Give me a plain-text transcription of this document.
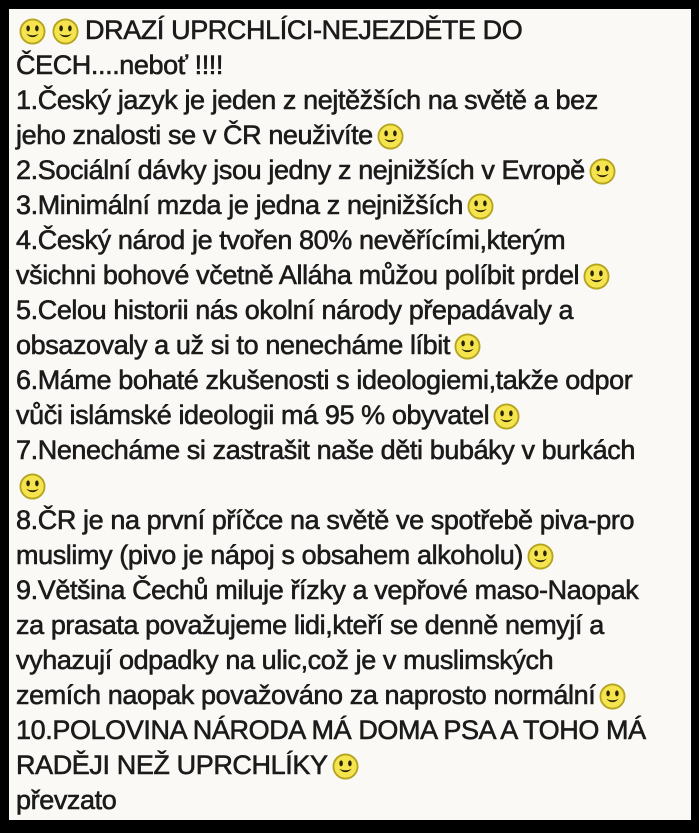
DRAZÍ UPRCHLÍCI-NEJEZDĚTE DO
ČECH....neboť !!!!
1.Český jazyk je jeden z nejtěžších na světě a bez
jeho znalosti se v ČR neuživíte
2.Sociální dávky jsou jedny z nejnižších v Evropě
3.Minimální mzda je jedna z nejnižších
4.Český národ je tvořen 80% nevěřícími,kterým
všichni bohové včetně Alláha můžou políbit prdel
5.Celou historii nás okolní národy přepadávaly a
obsazovaly a už si to nenecháme líbit
6.Máme bohaté zkušenosti s ideologiemi,takže odpor
vůči islámské ideologii má 95 % obyvatel
7.Nenecháme si zastrašit naše děti bubáky v burkách
8.ČR je na první příčce na světě ve spotřebě piva-pro
muslimy (pivo je nápoj s obsahem alkoholu)
9.Většina Čechů miluje řízky a vepřové maso-Naopak
za prasata považujeme lidi,kteří se denně nemyjí a
vyhazují odpadky na ulic,což je v muslimských
zemích naopak považováno za naprosto normální
10.POLOVINA NÁRODA MÁ DOMA PSA A TOHO MÁ
RADĚJI NEŽ UPRCHLÍKY
převzato
